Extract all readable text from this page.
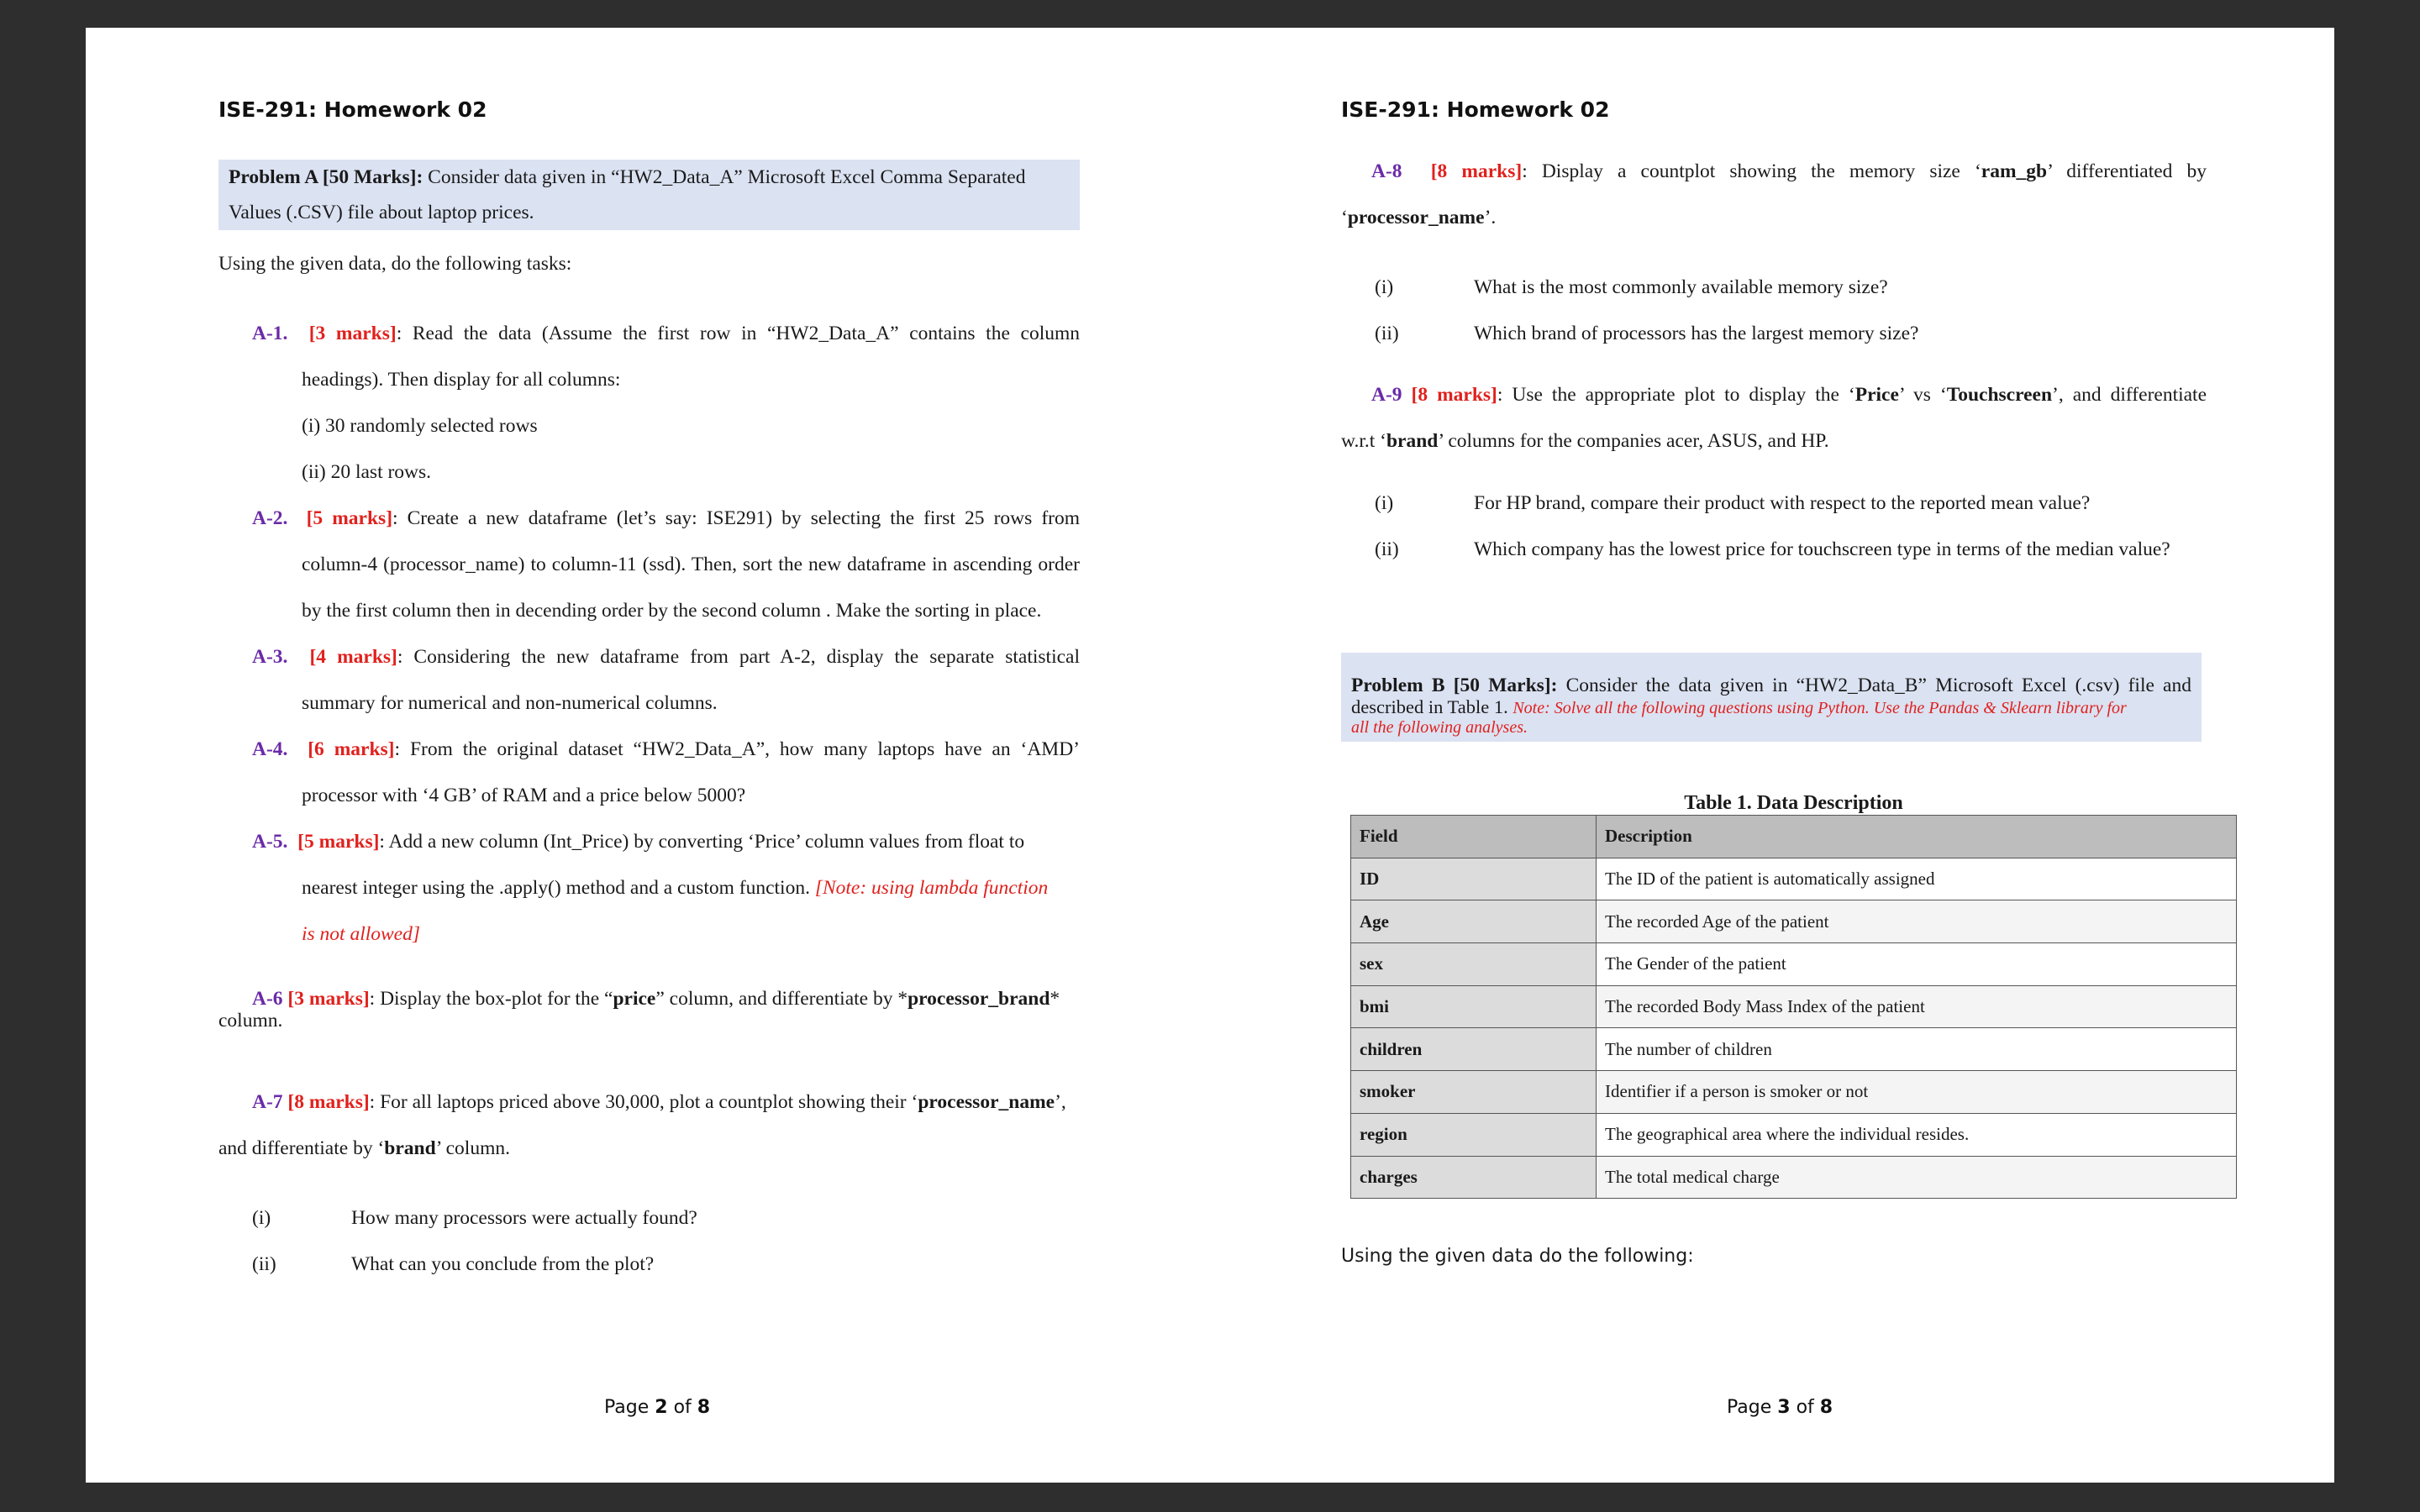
ISE-291: Homework 02
Problem A [50 Marks]: Consider data given in “HW2_Data_A” Microsoft Excel Comma Separated
Values (.CSV) file about laptop prices.
Using the given data, do the following tasks:
A-1. [3 marks]: Read the data (Assume the first row in “HW2_Data_A” contains the column
headings). Then display for all columns:
(i) 30 randomly selected rows
(ii) 20 last rows.
A-2. [5 marks]: Create a new dataframe (let’s say: ISE291) by selecting the first 25 rows from
column-4 (processor_name) to column-11 (ssd). Then, sort the new dataframe in ascending order
by the first column then in decending order by the second column . Make the sorting in place.
A-3. [4 marks]: Considering the new dataframe from part A-2, display the separate statistical
summary for numerical and non-numerical columns.
A-4. [6 marks]: From the original dataset “HW2_Data_A”, how many laptops have an ‘AMD’
processor with ‘4 GB’ of RAM and a price below 5000?
A-5. [5 marks]: Add a new column (Int_Price) by converting ‘Price’ column values from float to
nearest integer using the .apply() method and a custom function. [Note: using lambda function
is not allowed]
A-6 [3 marks]: Display the box-plot for the “price” column, and differentiate by *processor_brand*
column.
A-7 [8 marks]: For all laptops priced above 30,000, plot a countplot showing their ‘processor_name’,
and differentiate by ‘brand’ column.
(i)	How many processors were actually found?
(ii)	What can you conclude from the plot?
Page 2 of 8
ISE-291: Homework 02
A-8 [8 marks]: Display a countplot showing the memory size ‘ram_gb’ differentiated by
‘processor_name’.
(i)	What is the most commonly available memory size?
(ii)	Which brand of processors has the largest memory size?
A-9 [8 marks]: Use the appropriate plot to display the ‘Price’ vs ‘Touchscreen’, and differentiate
w.r.t ‘brand’ columns for the companies acer, ASUS, and HP.
(i)	For HP brand, compare their product with respect to the reported mean value?
(ii)	Which company has the lowest price for touchscreen type in terms of the median value?
Problem B [50 Marks]: Consider the data given in “HW2_Data_B” Microsoft Excel (.csv) file and
described in Table 1. Note: Solve all the following questions using Python. Use the Pandas & Sklearn library for
all the following analyses.
Table 1. Data Description
Field	Description
ID	The ID of the patient is automatically assigned
Age	The recorded Age of the patient
sex	The Gender of the patient
bmi	The recorded Body Mass Index of the patient
children	The number of children
smoker	Identifier if a person is smoker or not
region	The geographical area where the individual resides.
charges	The total medical charge
Using the given data do the following:
Page 3 of 8
